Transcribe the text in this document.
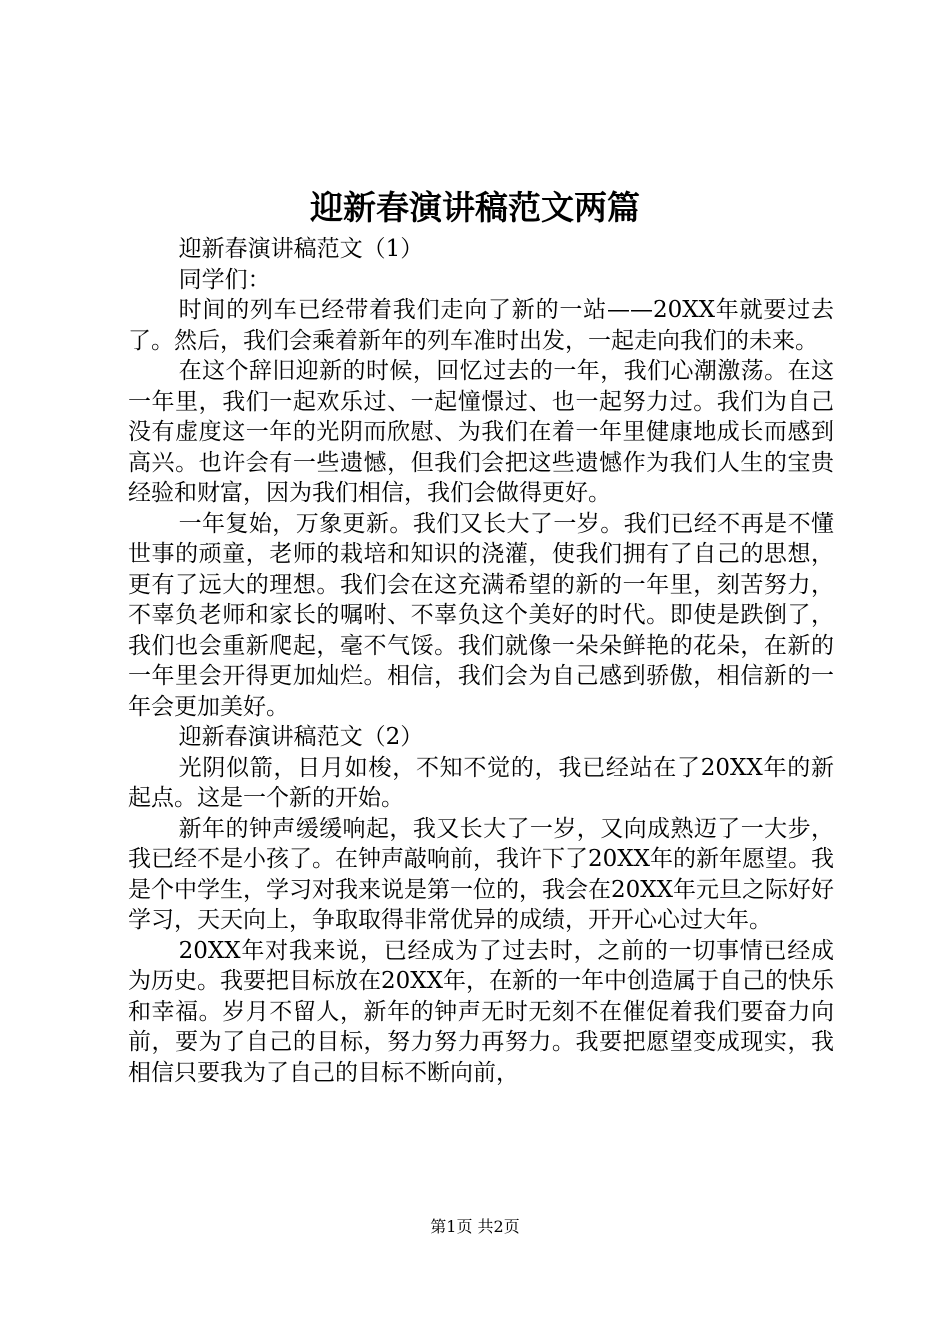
迎新春演讲稿范文两篇

迎新春演讲稿范文（1）

同学们：

时间的列车已经带着我们走向了新的一站——20XX年就要过去了。然后，我们会乘着新年的列车准时出发，一起走向我们的未来。

在这个辞旧迎新的时候，回忆过去的一年，我们心潮激荡。在这一年里，我们一起欢乐过、一起憧憬过、也一起努力过。我们为自己没有虚度这一年的光阴而欣慰、为我们在着一年里健康地成长而感到高兴。也许会有一些遗憾，但我们会把这些遗憾作为我们人生的宝贵经验和财富，因为我们相信，我们会做得更好。

一年复始，万象更新。我们又长大了一岁。我们已经不再是不懂世事的顽童，老师的栽培和知识的浇灌，使我们拥有了自己的思想，更有了远大的理想。我们会在这充满希望的新的一年里，刻苦努力，不辜负老师和家长的嘱咐、不辜负这个美好的时代。即使是跌倒了，我们也会重新爬起，毫不气馁。我们就像一朵朵鲜艳的花朵，在新的一年里会开得更加灿烂。相信，我们会为自己感到骄傲，相信新的一年会更加美好。

迎新春演讲稿范文（2）

光阴似箭，日月如梭，不知不觉的，我已经站在了20XX年的新起点。这是一个新的开始。

新年的钟声缓缓响起，我又长大了一岁，又向成熟迈了一大步，我已经不是小孩了。在钟声敲响前，我许下了20XX年的新年愿望。我是个中学生，学习对我来说是第一位的，我会在20XX年元旦之际好好学习，天天向上，争取取得非常优异的成绩，开开心心过大年。

20XX年对我来说，已经成为了过去时，之前的一切事情已经成为历史。我要把目标放在20XX年，在新的一年中创造属于自己的快乐和幸福。岁月不留人，新年的钟声无时无刻不在催促着我们要奋力向前，要为了自己的目标，努力努力再努力。我要把愿望变成现实，我相信只要我为了自己的目标不断向前，

第1页 共2页
